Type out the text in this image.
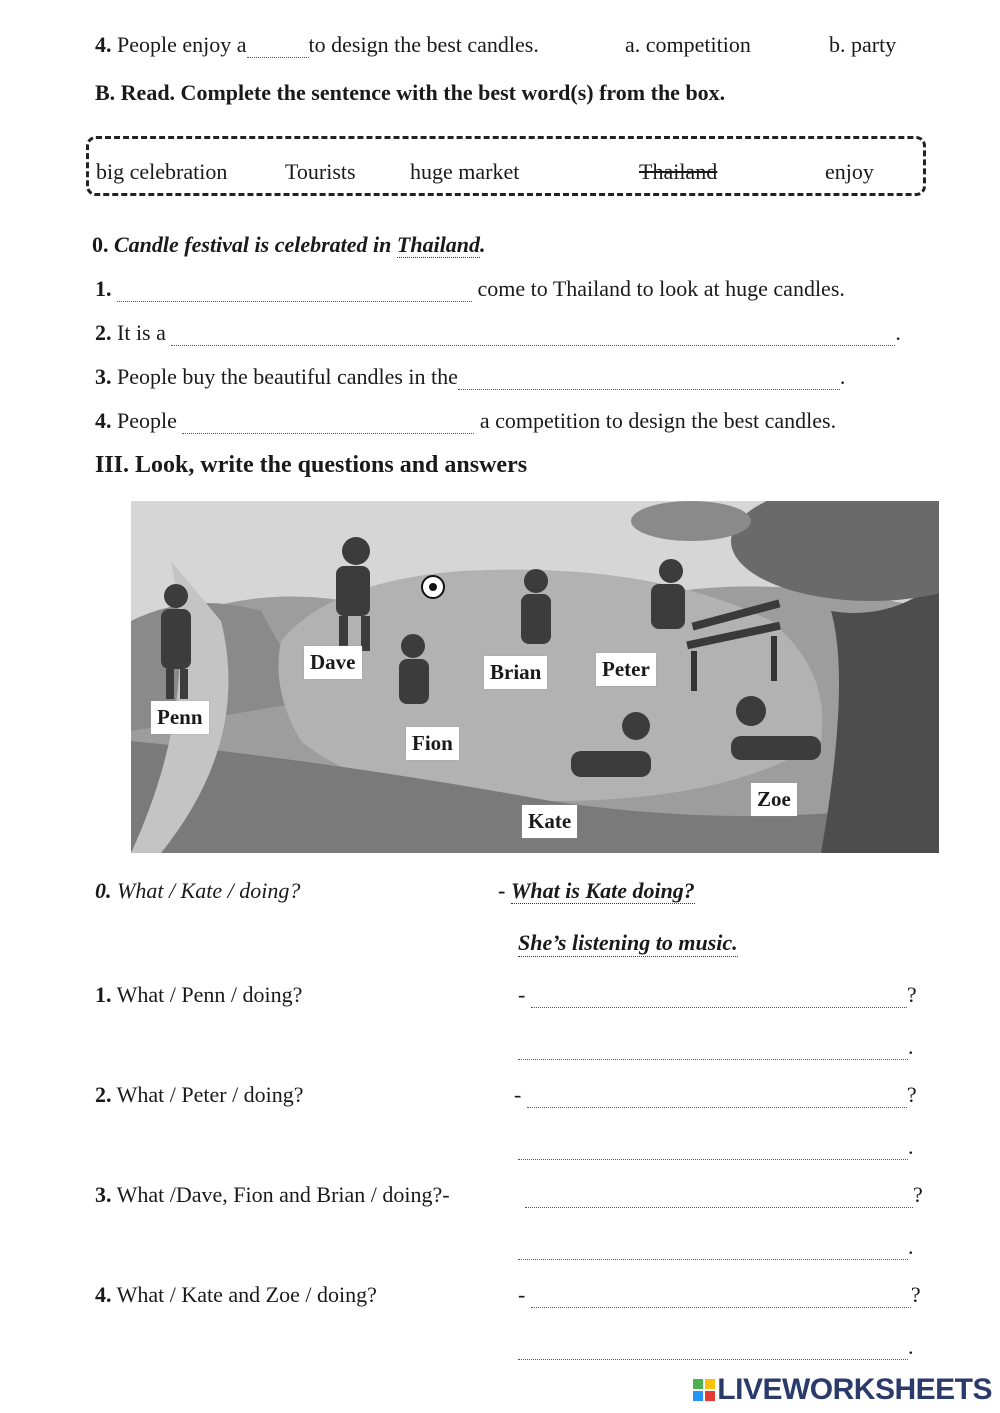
4. People enjoy a	to design the best candles.	a. competition	b. party
B. Read. Complete the sentence with the best word(s) from the box.
big celebration	Tourists huge market	Thailand	enjoy
0. Candle festival is celebrated in Thailand.
1.	come to Thailand to look at huge candles.
2. It is a	.
3. People buy the beautiful candles in the	.
4. People	a competition to design the best candles.
III. Look, write the questions and answers
Dave	Brian	Peter
Penn
Fion
Zoe
Kate
0. What / Kate / doing?	- What is Kate doing?
She’s listening to music.
1. What / Penn / doing?	-	?
.
2. What / Peter / doing?	-	?
.
3. What /Dave, Fion and Brian / doing?-	?
.
4. What / Kate and Zoe / doing?	-	?
.
LIVEWORKSHEETS
